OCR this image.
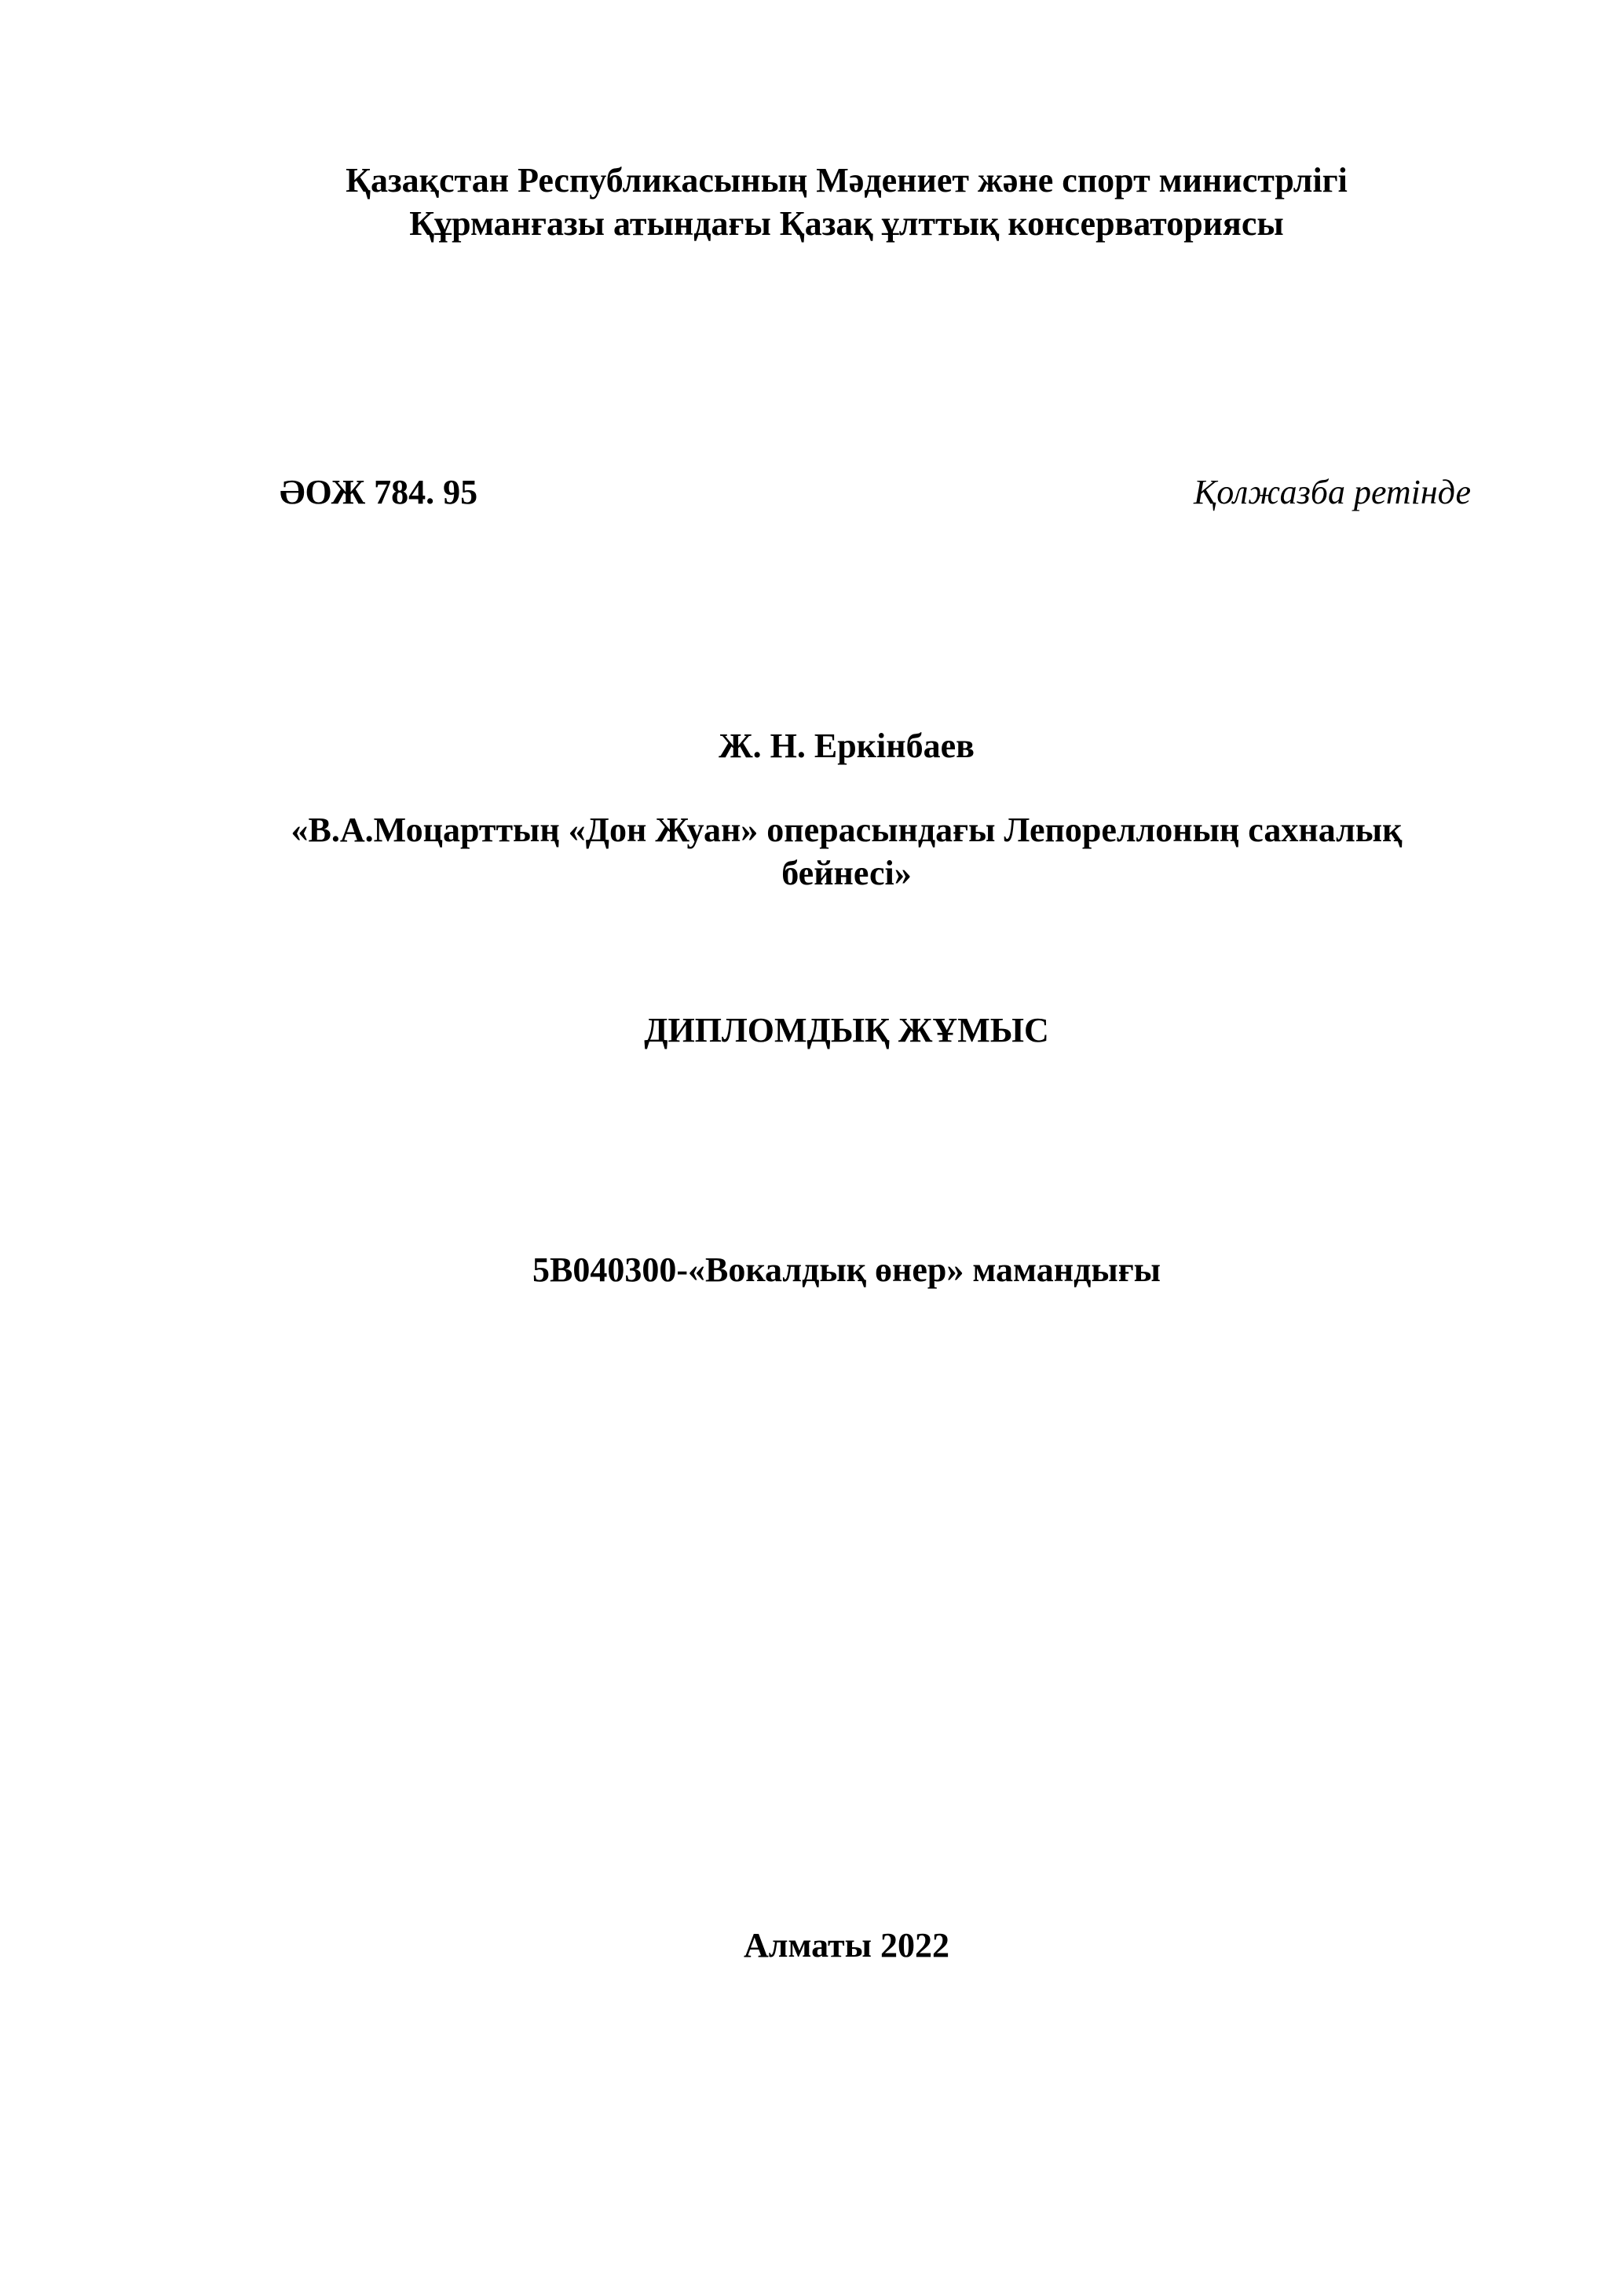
Қазақстан Республикасының Мәдениет және спорт министрлігі
Құрманғазы атындағы Қазақ ұлттық консерваториясы
ӘОЖ 784. 95	Қолжазба ретінде
Ж. Н. Еркінбаев
«В.А.Моцарттың «Дон Жуан» операсындағы Лепореллоның сахналық
бейнесі»
ДИПЛОМДЫҚ ЖҰМЫС
5В040300-«Вокалдық өнер» мамандығы
Алматы 2022
